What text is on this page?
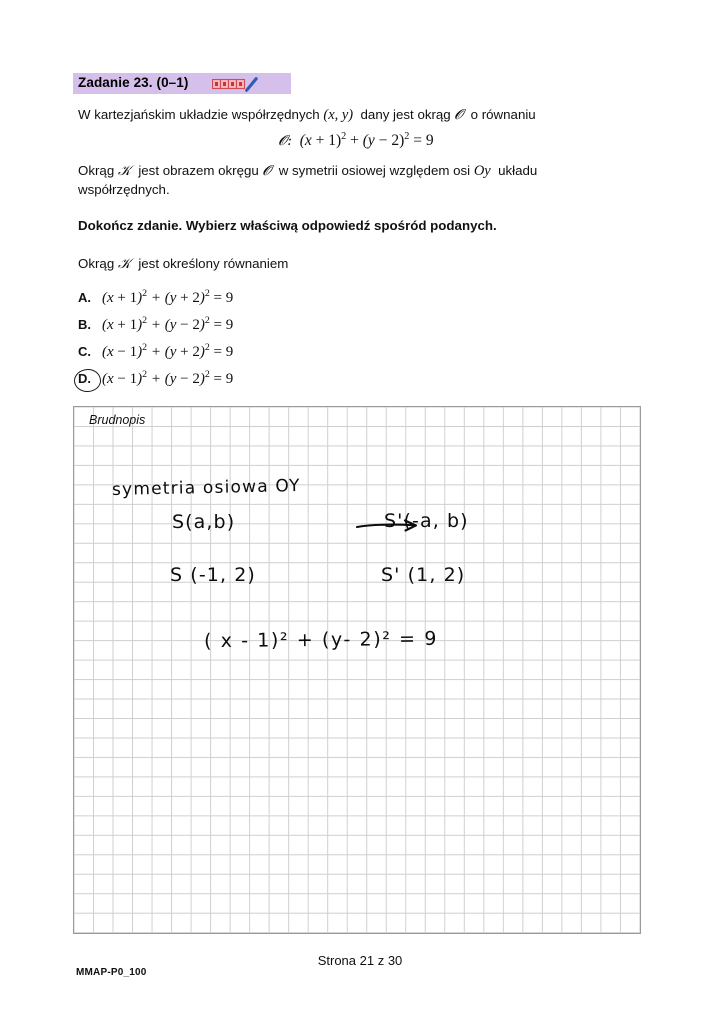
Zadanie 23. (0–1)
W kartezjańskim układzie współrzędnych (x, y) dany jest okrąg 𝓞 o równaniu
𝓞: $(x + 1)^2 + (y - 2)^2 = 9$
Okrąg 𝒦 jest obrazem okręgu 𝓞 w symetrii osiowej względem osi Oy układu
współrzędnych.
Dokończ zdanie. Wybierz właściwą odpowiedź spośród podanych.
Okrąg 𝒦 jest określony równaniem
A. $(x + 1)^2 + (y + 2)^2 = 9$
B. $(x + 1)^2 + (y - 2)^2 = 9$
C. $(x - 1)^2 + (y + 2)^2 = 9$
D. $(x - 1)^2 + (y - 2)^2 = 9$
Brudnopis
symetria osiowa OY
S(a,b)	S'(-a, b)
S (-1, 2)	S' (1, 2)
( x - 1)² + (y- 2)² = 9
MMAP-P0_100
Strona 21 z 30
